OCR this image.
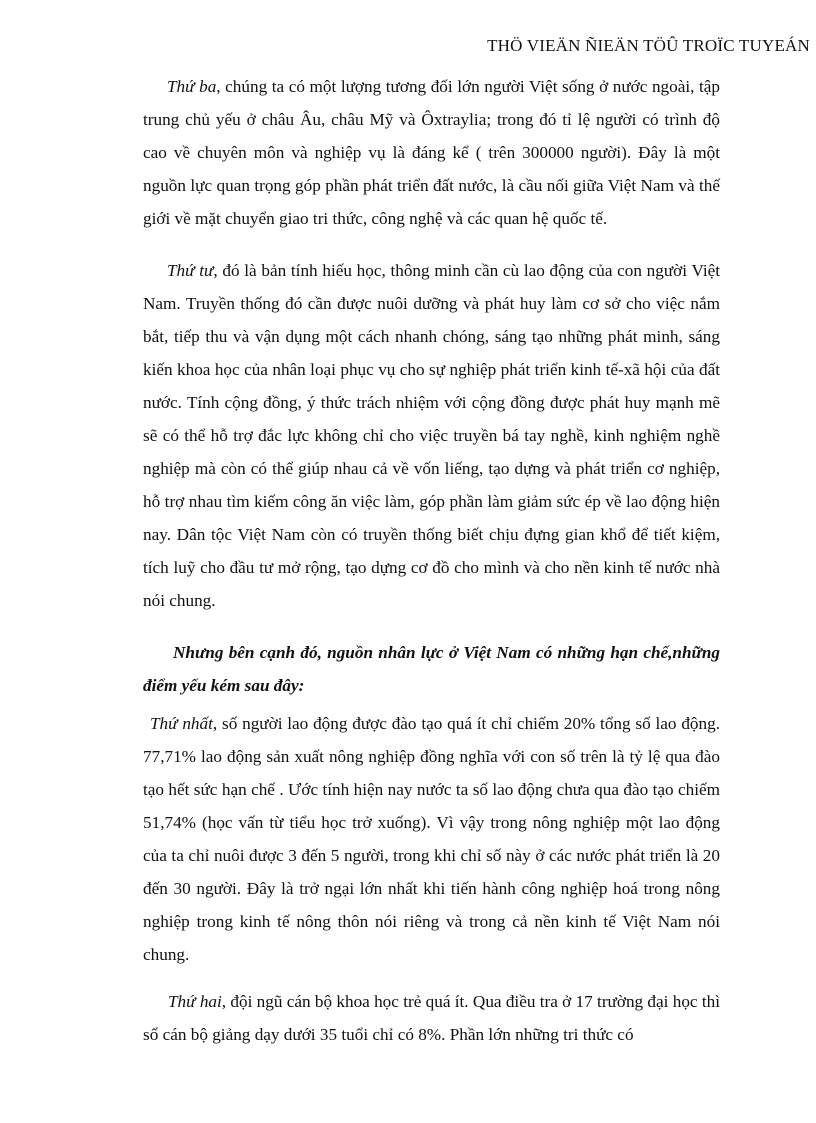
THÖ VIEÄN ÑIEÄN TÖÛ TROÏC TUYEÁN

Thứ ba, chúng ta có một lượng tương đối lớn người Việt sống ở nước ngoài, tập trung chủ yếu ở châu Âu, châu Mỹ và Ôxtraylia; trong đó tỉ lệ người có trình độ cao về chuyên môn và nghiệp vụ là đáng kể ( trên 300000 người). Đây là một nguồn lực quan trọng góp phần phát triển đất nước, là cầu nối giữa Việt Nam và thế giới về mặt chuyển giao tri thức, công nghệ và các quan hệ quốc tế.

Thứ tư, đó là bản tính hiếu học, thông minh cần cù lao động của con người Việt Nam. Truyền thống đó cần được nuôi dưỡng và phát huy làm cơ sở cho việc nắm bắt, tiếp thu và vận dụng một cách nhanh chóng, sáng tạo những phát minh, sáng kiến khoa học của nhân loại phục vụ cho sự nghiệp phát triển kinh tế-xã hội của đất nước. Tính cộng đồng, ý thức trách nhiệm với cộng đồng được phát huy mạnh mẽ sẽ có thể hỗ trợ đắc lực không chỉ cho việc truyền bá tay nghề, kinh nghiệm nghề nghiệp mà còn có thể giúp nhau cả về vốn liếng, tạo dựng và phát triển cơ nghiệp, hỗ trợ nhau tìm kiếm công ăn việc làm, góp phần làm giảm sức ép về lao động hiện nay. Dân tộc Việt Nam còn có truyền thống biết chịu đựng gian khổ để tiết kiệm, tích luỹ cho đầu tư mở rộng, tạo dựng cơ đồ cho mình và cho nền kinh tế nước nhà nói chung.

Nhưng bên cạnh đó, nguồn nhân lực ở Việt Nam có những hạn chế,những điểm yếu kém sau đây:

Thứ nhất, số người lao động được đào tạo quá ít chỉ chiếm 20% tổng số lao động. 77,71% lao động sản xuất nông nghiệp đồng nghĩa với con số trên là tỷ lệ qua đào tạo hết sức hạn chế . Ước tính hiện nay nước ta số lao động chưa qua đào tạo chiếm 51,74% (học vấn từ tiểu học trở xuống). Vì vậy trong nông nghiệp một lao động của ta chỉ nuôi được 3 đến 5 người, trong khi chỉ số này ở các nước phát triển là 20 đến 30 người. Đây là trở ngại lớn nhất khi tiến hành công nghiệp hoá trong nông nghiệp trong kinh tế nông thôn nói riêng và trong cả nền kinh tế Việt Nam nói chung.

Thứ hai, đội ngũ cán bộ khoa học trẻ quá ít. Qua điều tra ở 17 trường đại học thì số cán bộ giảng dạy dưới 35 tuổi chỉ có 8%. Phần lớn những tri thức có
